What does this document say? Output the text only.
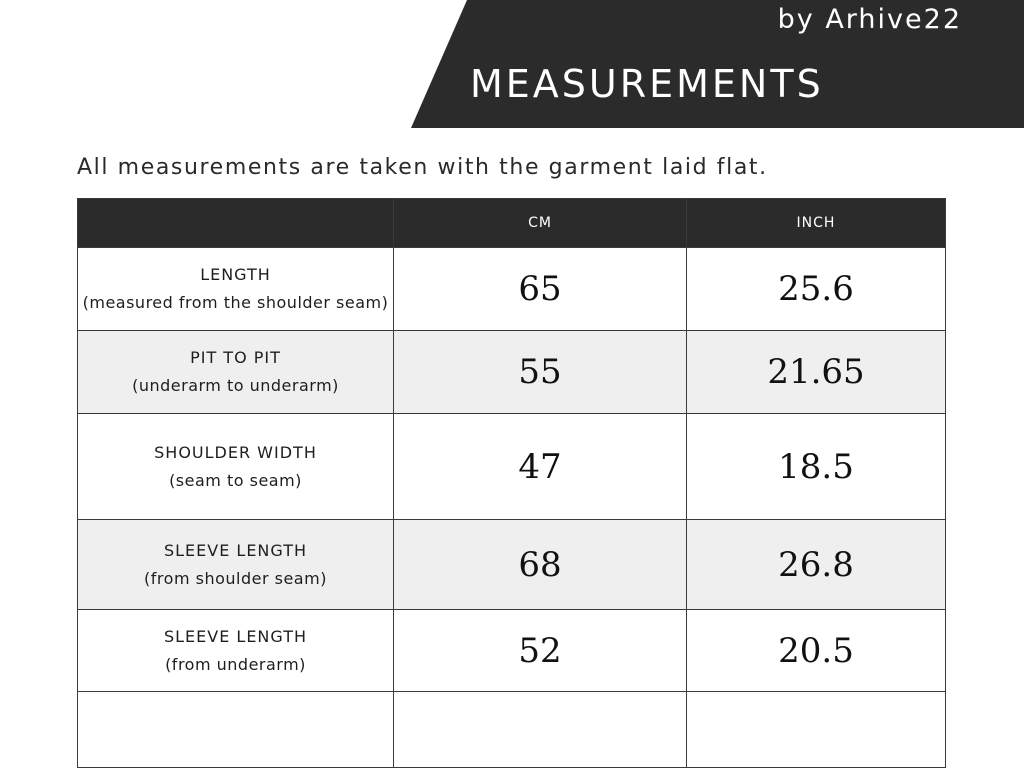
by Arhive22
MEASUREMENTS
All measurements are taken with the garment laid flat.
	CM	INCH

LENGTH
(measured from the shoulder seam)	65	25.6

PIT TO PIT
(underarm to underarm)	55	21.65

SHOULDER WIDTH
(seam to seam)	47	18.5

SLEEVE LENGTH
(from shoulder seam)	68	26.8

SLEEVE LENGTH
(from underarm)	52	20.5
